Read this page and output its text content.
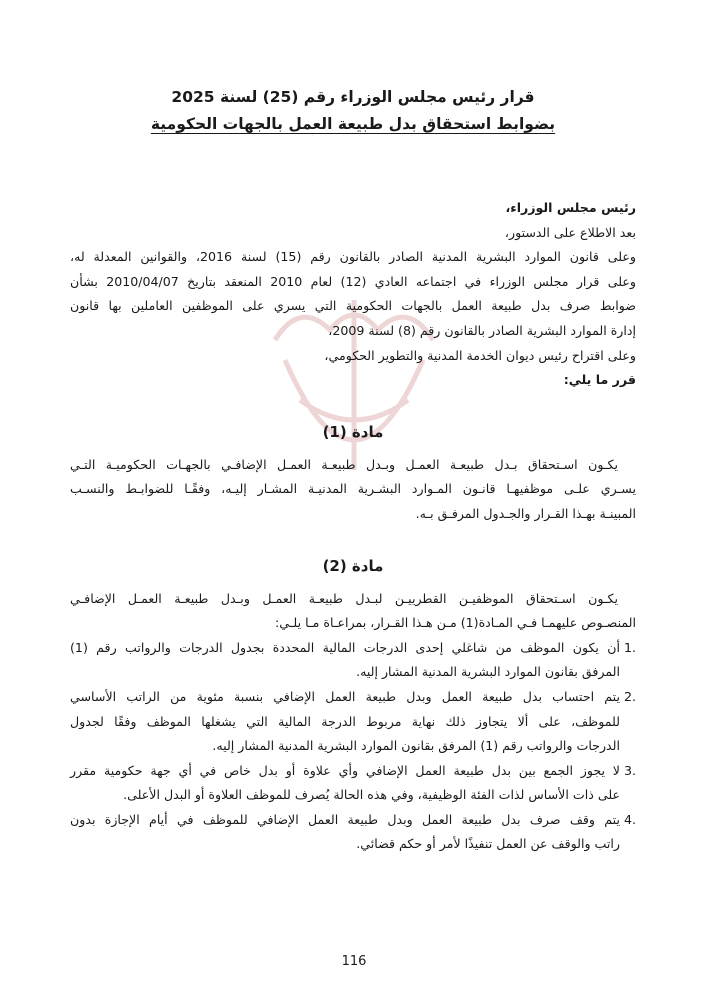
قرار رئيس مجلس الوزراء رقم (25) لسنة 2025
بضوابط استحقاق بدل طبيعة العمل بالجهات الحكومية
رئيس مجلس الوزراء،
بعد الاطلاع على الدستور،
وعلى قانون الموارد البشرية المدنية الصادر بالقانون رقم (15) لسنة 2016، والقوانين المعدلة له،
وعلى قرار مجلس الوزراء في اجتماعه العادي (12) لعام 2010 المنعقد بتاريخ 2010/04/07 بشأن
ضوابط صرف بدل طبيعة العمل بالجهات الحكومية التي يسري على الموظفين العاملين بها قانون
إدارة الموارد البشرية الصادر بالقانون رقم (8) لسنة 2009،
وعلى اقتراح رئيس ديوان الخدمة المدنية والتطوير الحكومي،
قرر ما يلي:
مادة (1)
يكـون اسـتحقاق بـدل طبيعـة العمـل وبـدل طبيعـة العمـل الإضافـي بالجهـات الحكوميـة التـي
يسـري علـى موظفيهـا قانـون المـوارد البشـرية المدنيـة المشـار إليـه، وفقًـا للضوابـط والنسـب
المبينـة بهـذا القـرار والجـدول المرفـق بـه.
مادة (2)
يكـون اسـتحقاق الموظفيـن القطرييـن لبـدل طبيعـة العمـل وبـدل طبيعـة العمـل الإضافـي
المنصـوص عليهمـا فـي المـادة(1) مـن هـذا القـرار، بمراعـاة مـا يلـي:
.1
أن يكون الموظف من شاغلي إحدى الدرجات المالية المحددة بجدول الدرجات والرواتب رقم (1)
المرفق بقانون الموارد البشرية المدنية المشار إليه.
.2
يتم احتساب بدل طبيعة العمل وبدل طبيعة العمل الإضافي بنسبة مئوية من الراتب الأساسي
للموظف، على ألا يتجاوز ذلك نهاية مربوط الدرجة المالية التي يشغلها الموظف وفقًا لجدول
الدرجات والرواتب رقم (1) المرفق بقانون الموارد البشرية المدنية المشار إليه.
.3
لا يجوز الجمع بين بدل طبيعة العمل الإضافي وأي علاوة أو بدل خاص في أي جهة حكومية مقرر
على ذات الأساس لذات الفئة الوظيفية، وفي هذه الحالة يُصرف للموظف العلاوة أو البدل الأعلى.
.4
يتم وقف صرف بدل طبيعة العمل وبدل طبيعة العمل الإضافي للموظف في أيام الإجازة بدون
راتب والوقف عن العمل تنفيذًا لأمر أو حكم قضائي.
116
